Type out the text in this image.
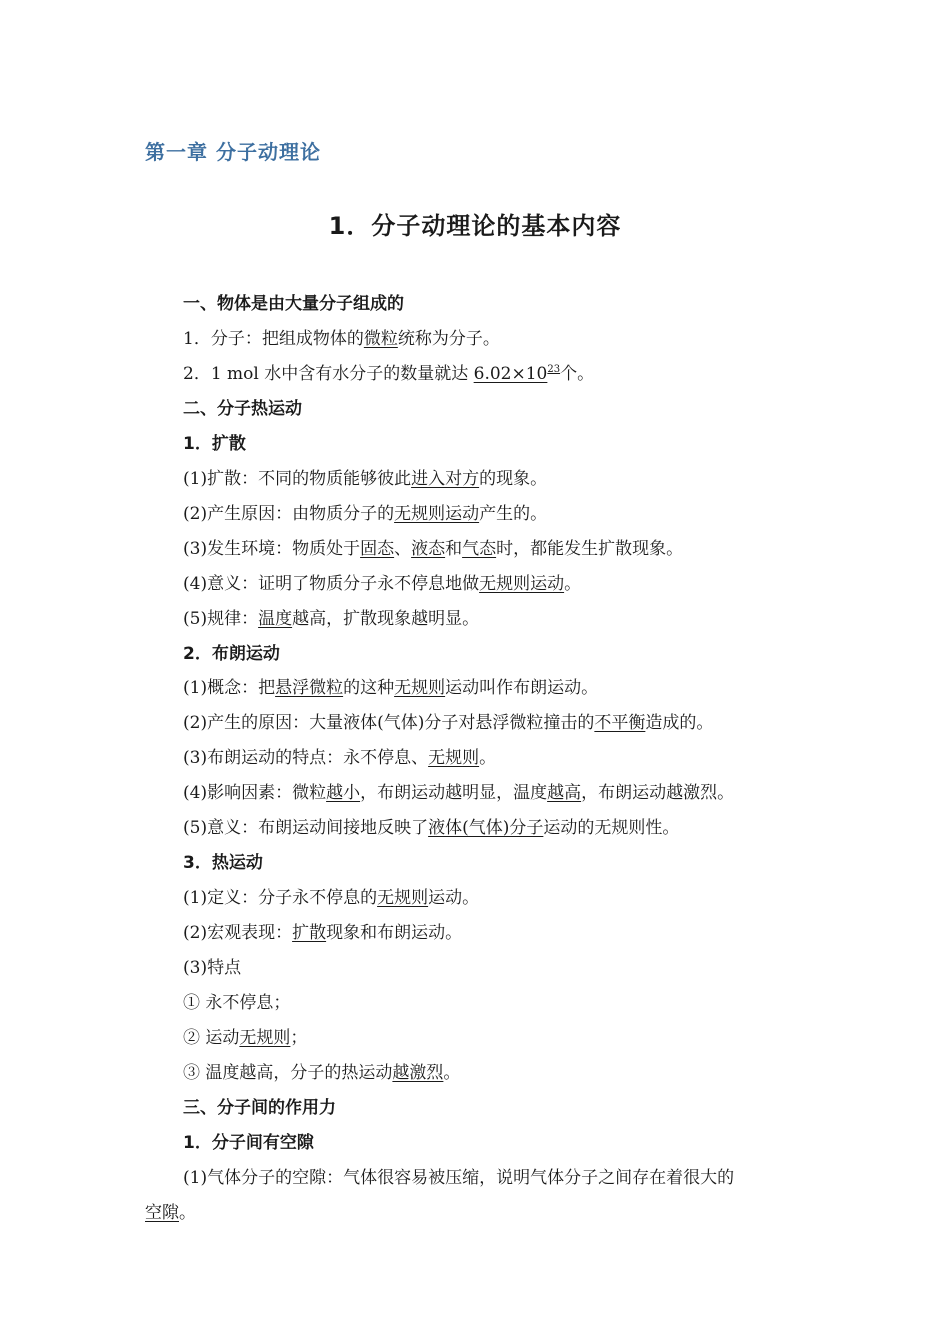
第一章 分子动理论
1．分子动理论的基本内容
一、物体是由大量分子组成的
1．分子：把组成物体的微粒统称为分子。
2．1 mol 水中含有水分子的数量就达 $6.02\times 10^{23}$个。
二、分子热运动
1．扩散
(1)扩散：不同的物质能够彼此进入对方的现象。
(2)产生原因：由物质分子的无规则运动产生的。
(3)发生环境：物质处于固态、液态和气态时，都能发生扩散现象。
(4)意义：证明了物质分子永不停息地做无规则运动。
(5)规律：温度越高，扩散现象越明显。
2．布朗运动
(1)概念：把悬浮微粒的这种无规则运动叫作布朗运动。
(2)产生的原因：大量液体(气体)分子对悬浮微粒撞击的不平衡造成的。
(3)布朗运动的特点：永不停息、无规则。
(4)影响因素：微粒越小，布朗运动越明显，温度越高，布朗运动越激烈。
(5)意义：布朗运动间接地反映了液体(气体)分子运动的无规则性。
3．热运动
(1)定义：分子永不停息的无规则运动。
(2)宏观表现：扩散现象和布朗运动。
(3)特点
① 永不停息；
② 运动无规则；
③ 温度越高，分子的热运动越激烈。
三、分子间的作用力
1．分子间有空隙
(1)气体分子的空隙：气体很容易被压缩，说明气体分子之间存在着很大的
空隙。
